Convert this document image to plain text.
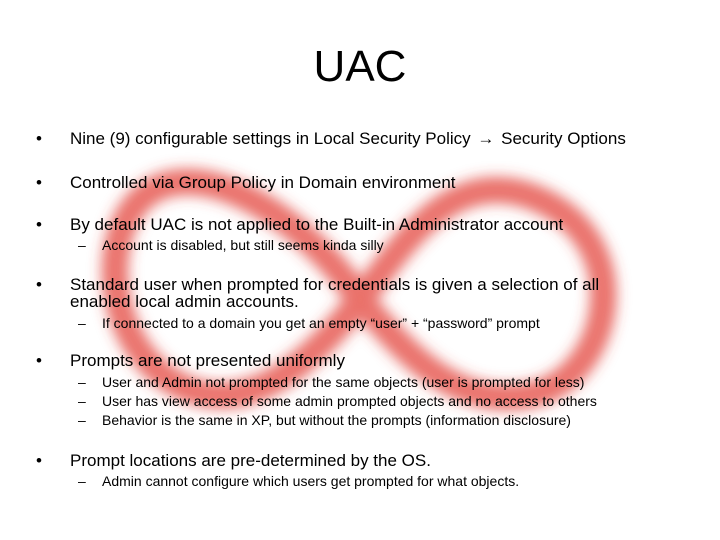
UAC
• Nine (9) configurable settings in Local Security Policy → Security Options
• Controlled via Group Policy in Domain environment
• By default UAC is not applied to the Built-in Administrator account
– Account is disabled, but still seems kinda silly
• Standard user when prompted for credentials is given a selection of all
enabled local admin accounts.
– If connected to a domain you get an empty “user” + “password” prompt
• Prompts are not presented uniformly
– User and Admin not prompted for the same objects (user is prompted for less)
– User has view access of some admin prompted objects and no access to others
– Behavior is the same in XP, but without the prompts (information disclosure)
• Prompt locations are pre-determined by the OS.
– Admin cannot configure which users get prompted for what objects.
